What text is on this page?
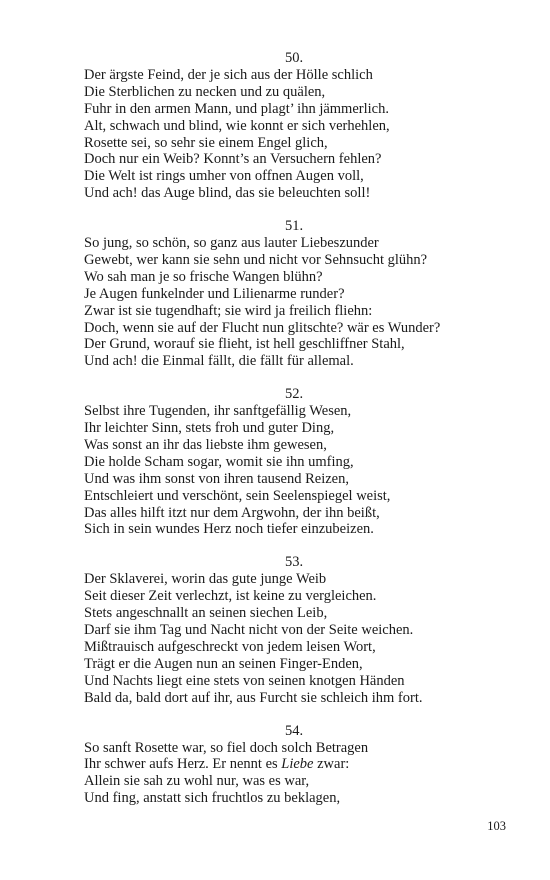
50.
Der ärgste Feind, der je sich aus der Hölle schlich
Die Sterblichen zu necken und zu quälen,
Fuhr in den armen Mann, und plagt’ ihn jämmerlich.
Alt, schwach und blind, wie konnt er sich verhehlen,
Rosette sei, so sehr sie einem Engel glich,
Doch nur ein Weib? Konnt’s an Versuchern fehlen?
Die Welt ist rings umher von offnen Augen voll,
Und ach! das Auge blind, das sie beleuchten soll!
51.
So jung, so schön, so ganz aus lauter Liebeszunder
Gewebt, wer kann sie sehn und nicht vor Sehnsucht glühn?
Wo sah man je so frische Wangen blühn?
Je Augen funkelnder und Lilienarme runder?
Zwar ist sie tugendhaft; sie wird ja freilich fliehn:
Doch, wenn sie auf der Flucht nun glitschte? wär es Wunder?
Der Grund, worauf sie flieht, ist hell geschliffner Stahl,
Und ach! die Einmal fällt, die fällt für allemal.
52.
Selbst ihre Tugenden, ihr sanftgefällig Wesen,
Ihr leichter Sinn, stets froh und guter Ding,
Was sonst an ihr das liebste ihm gewesen,
Die holde Scham sogar, womit sie ihn umfing,
Und was ihm sonst von ihren tausend Reizen,
Entschleiert und verschönt, sein Seelenspiegel weist,
Das alles hilft itzt nur dem Argwohn, der ihn beißt,
Sich in sein wundes Herz noch tiefer einzubeizen.
53.
Der Sklaverei, worin das gute junge Weib
Seit dieser Zeit verlechzt, ist keine zu vergleichen.
Stets angeschnallt an seinen siechen Leib,
Darf sie ihm Tag und Nacht nicht von der Seite weichen.
Mißtrauisch aufgeschreckt von jedem leisen Wort,
Trägt er die Augen nun an seinen Finger-Enden,
Und Nachts liegt eine stets von seinen knotgen Händen
Bald da, bald dort auf ihr, aus Furcht sie schleich ihm fort.
54.
So sanft Rosette war, so fiel doch solch Betragen
Ihr schwer aufs Herz. Er nennt es Liebe zwar:
Allein sie sah zu wohl nur, was es war,
Und fing, anstatt sich fruchtlos zu beklagen,
103
